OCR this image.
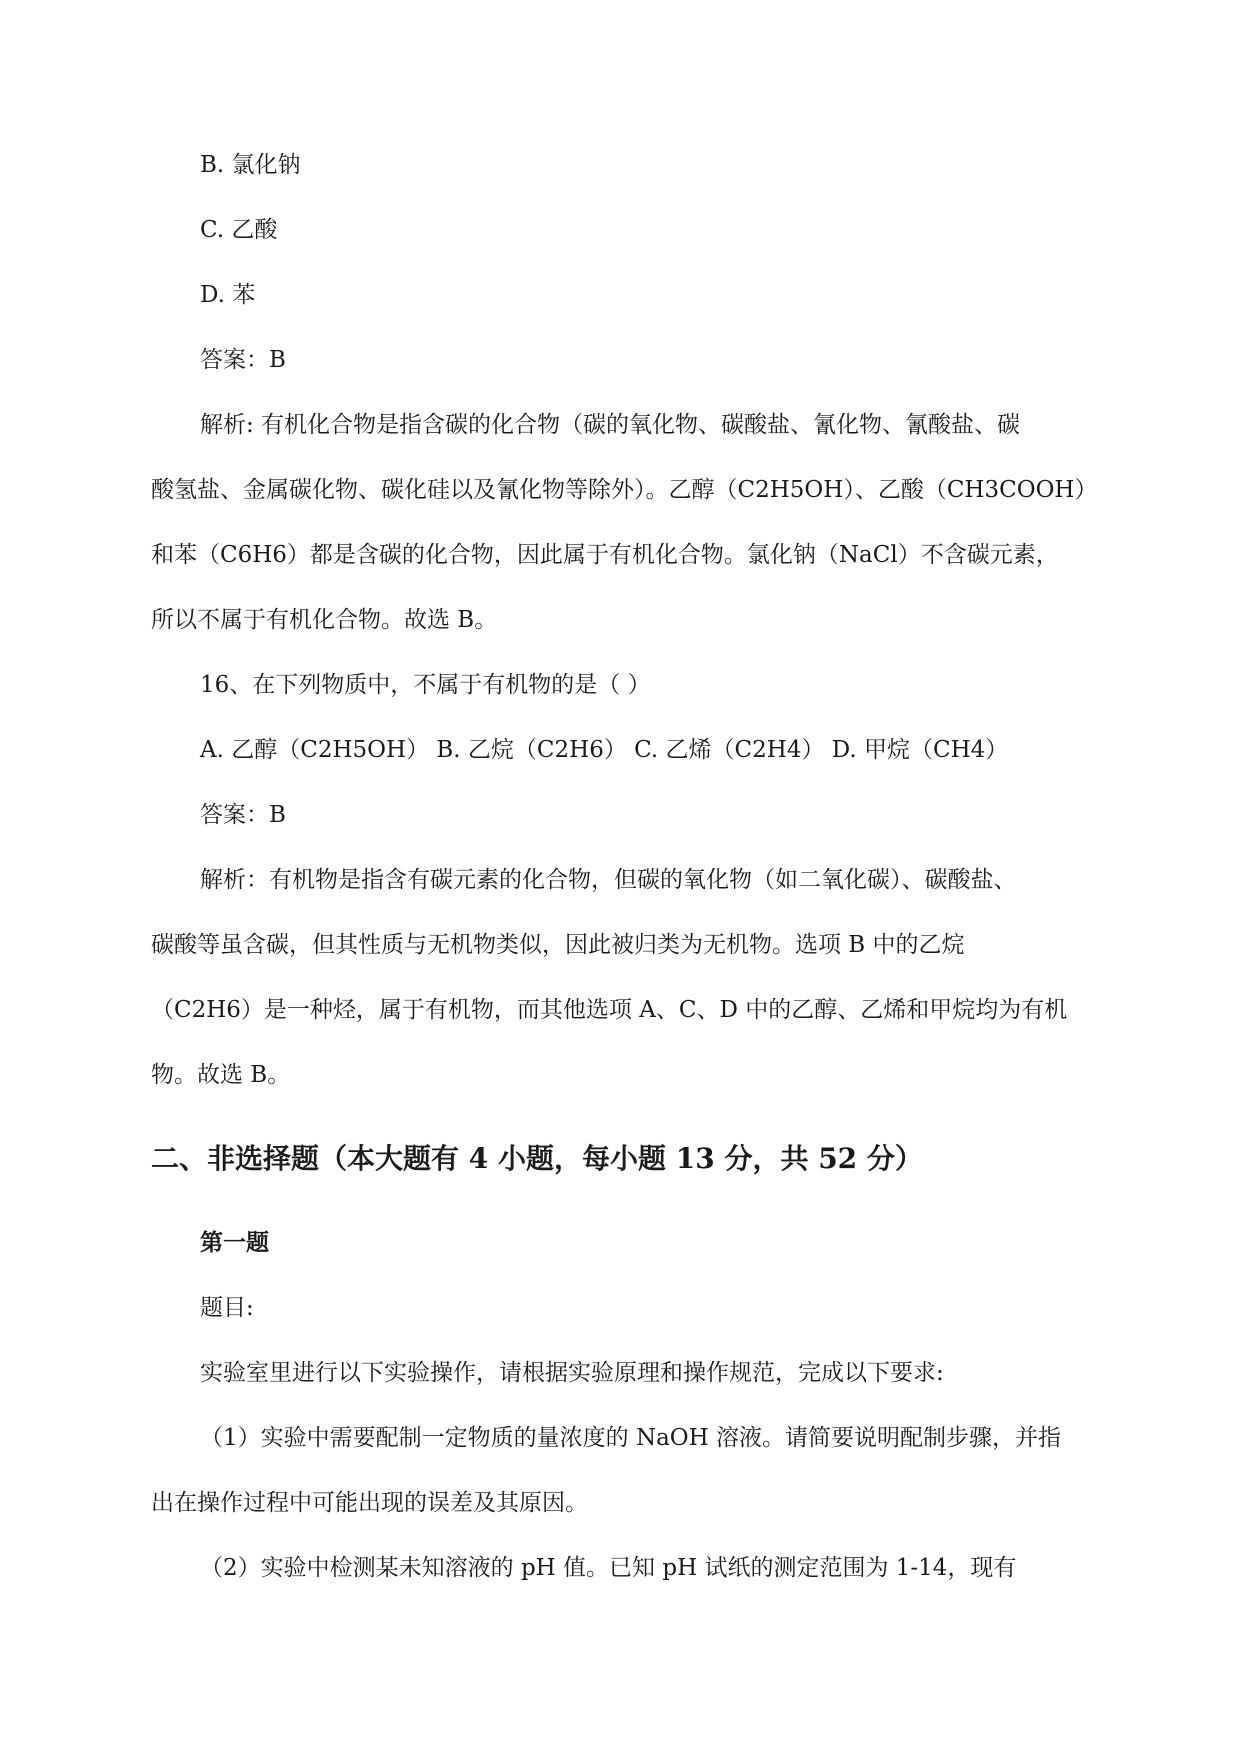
B. 氯化钠
C. 乙酸
D. 苯
答案：B
解析: 有机化合物是指含碳的化合物（碳的氧化物、碳酸盐、氰化物、氰酸盐、碳
酸氢盐、金属碳化物、碳化硅以及氰化物等除外）。乙醇（C2H5OH）、乙酸（CH3COOH）
和苯（C6H6）都是含碳的化合物，因此属于有机化合物。氯化钠（NaCl）不含碳元素，
所以不属于有机化合物。故选 B。
16、在下列物质中，不属于有机物的是（ ）
A. 乙醇（C2H5OH） B. 乙烷（C2H6） C. 乙烯（C2H4） D. 甲烷（CH4）
答案：B
解析：有机物是指含有碳元素的化合物，但碳的氧化物（如二氧化碳）、碳酸盐、
碳酸等虽含碳，但其性质与无机物类似，因此被归类为无机物。选项 B 中的乙烷
（C2H6）是一种烃，属于有机物，而其他选项 A、C、D 中的乙醇、乙烯和甲烷均为有机
物。故选 B。
二、非选择题（本大题有 4 小题，每小题 13 分，共 52 分）
第一题
题目:
实验室里进行以下实验操作，请根据实验原理和操作规范，完成以下要求:
（1）实验中需要配制一定物质的量浓度的 NaOH 溶液。请简要说明配制步骤，并指
出在操作过程中可能出现的误差及其原因。
（2）实验中检测某未知溶液的 pH 值。已知 pH 试纸的测定范围为 1-14，现有
